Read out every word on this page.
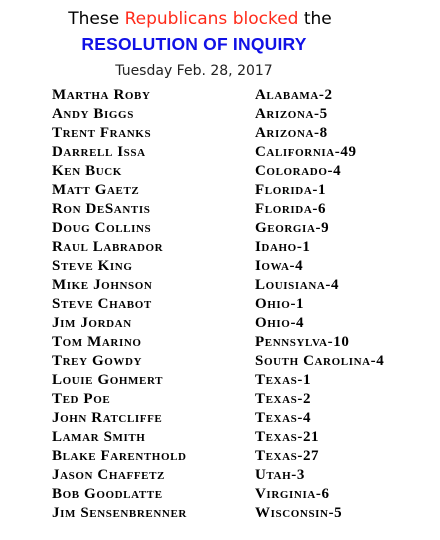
These Republicans blocked the
RESOLUTION OF INQUIRY
Tuesday Feb. 28, 2017
Martha Roby	Alabama-2
Andy Biggs	Arizona-5
Trent Franks	Arizona-8
Darrell Issa	California-49
Ken Buck	Colorado-4
Matt Gaetz	Florida-1
Ron DeSantis	Florida-6
Doug Collins	Georgia-9
Raul Labrador	Idaho-1
Steve King	Iowa-4
Mike Johnson	Louisiana-4
Steve Chabot	Ohio-1
Jim Jordan	Ohio-4
Tom Marino	Pennsylva-10
Trey Gowdy	South Carolina-4
Louie Gohmert	Texas-1
Ted Poe	Texas-2
John Ratcliffe	Texas-4
Lamar Smith	Texas-21
Blake Farenthold	Texas-27
Jason Chaffetz	Utah-3
Bob Goodlatte	Virginia-6
Jim Sensenbrenner	Wisconsin-5
